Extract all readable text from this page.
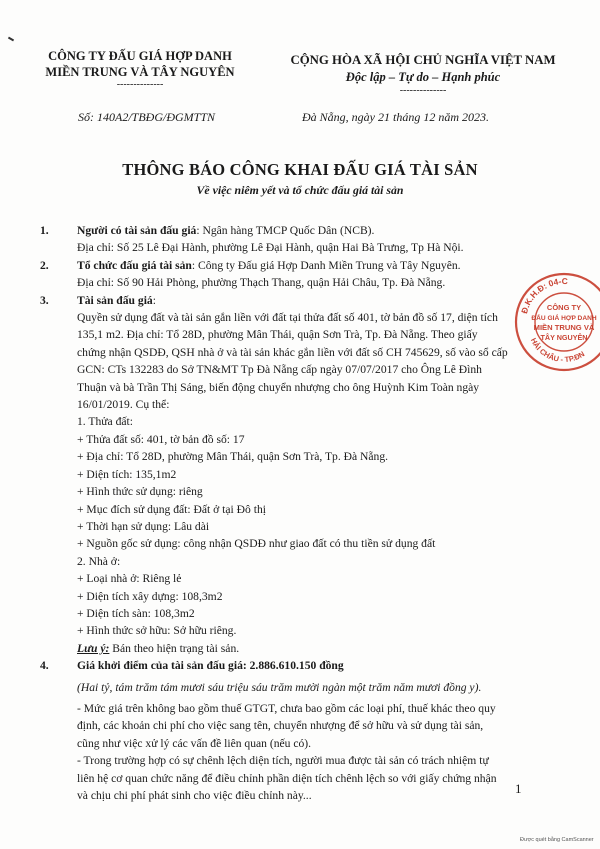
CÔNG TY ĐẤU GIÁ HỢP DANH
MIỀN TRUNG VÀ TÂY NGUYÊN
--------------
CỘNG HÒA XÃ HỘI CHỦ NGHĨA VIỆT NAM
Độc lập – Tự do – Hạnh phúc
--------------
Số: 140A2/TBĐG/ĐGMTTN	Đà Nẵng, ngày 21 tháng 12 năm 2023.
THÔNG BÁO CÔNG KHAI ĐẤU GIÁ TÀI SẢN
Về việc niêm yết và tổ chức đấu giá tài sản
1.	Người có tài sản đấu giá: Ngân hàng TMCP Quốc Dân (NCB).
Địa chỉ: Số 25 Lê Đại Hành, phường Lê Đại Hành, quận Hai Bà Trưng, Tp Hà Nội.
2.	Tổ chức đấu giá tài sản: Công ty Đấu giá Hợp Danh Miền Trung và Tây Nguyên.
Địa chỉ: Số 90 Hải Phòng, phường Thạch Thang, quận Hải Châu, Tp. Đà Nẵng.
3.	Tài sản đấu giá:
Quyền sử dụng đất và tài sản gắn liền với đất tại thửa đất số 401, tờ bản đồ số 17, diện tích
135,1 m2. Địa chỉ: Tổ 28D, phường Mân Thái, quận Sơn Trà, Tp. Đà Nẵng. Theo giấy
chứng nhận QSDĐ, QSH nhà ở và tài sản khác gắn liền với đất số CH 745629, số vào sổ cấp
GCN: CTs 132283 do Sở TN&MT Tp Đà Nẵng cấp ngày 07/07/2017 cho Ông Lê Đình
Thuận và bà Trần Thị Sáng, biến động chuyển nhượng cho ông Huỳnh Kim Toàn ngày
16/01/2019. Cụ thể:
1. Thửa đất:
+ Thửa đất số: 401, tờ bản đồ số: 17
+ Địa chỉ: Tổ 28D, phường Mân Thái, quận Sơn Trà, Tp. Đà Nẵng.
+ Diện tích: 135,1m2
+ Hình thức sử dụng: riêng
+ Mục đích sử dụng đất: Đất ở tại Đô thị
+ Thời hạn sử dụng: Lâu dài
+ Nguồn gốc sử dụng: công nhận QSDĐ như giao đất có thu tiền sử dụng đất
2. Nhà ở:
+ Loại nhà ở: Riêng lẻ
+ Diện tích xây dựng: 108,3m2
+ Diện tích sàn: 108,3m2
+ Hình thức sở hữu: Sở hữu riêng.
Lưu ý: Bán theo hiện trạng tài sản.
4.	Giá khởi điểm của tài sản đấu giá: 2.886.610.150 đồng
(Hai tỷ, tám trăm tám mươi sáu triệu sáu trăm mười ngàn một trăm năm mươi đồng y).
- Mức giá trên không bao gồm thuế GTGT, chưa bao gồm các loại phí, thuế khác theo quy
định, các khoản chi phí cho việc sang tên, chuyển nhượng để sở hữu và sử dụng tài sản,
cũng như việc xử lý các vấn đề liên quan (nếu có).
- Trong trường hợp có sự chênh lệch diện tích, người mua được tài sản có trách nhiệm tự
liên hệ cơ quan chức năng để điều chỉnh phần diện tích chênh lệch so với giấy chứng nhận
và chịu chi phí phát sinh cho việc điều chỉnh này...
Đ.K.H.Đ: 04-C
HẢI CHÂU - TP.ĐN
CÔNG TY
ĐẤU GIÁ HỢP DANH
MIỀN TRUNG VÀ
TÂY NGUYÊN
1
Được quét bằng CamScanner
